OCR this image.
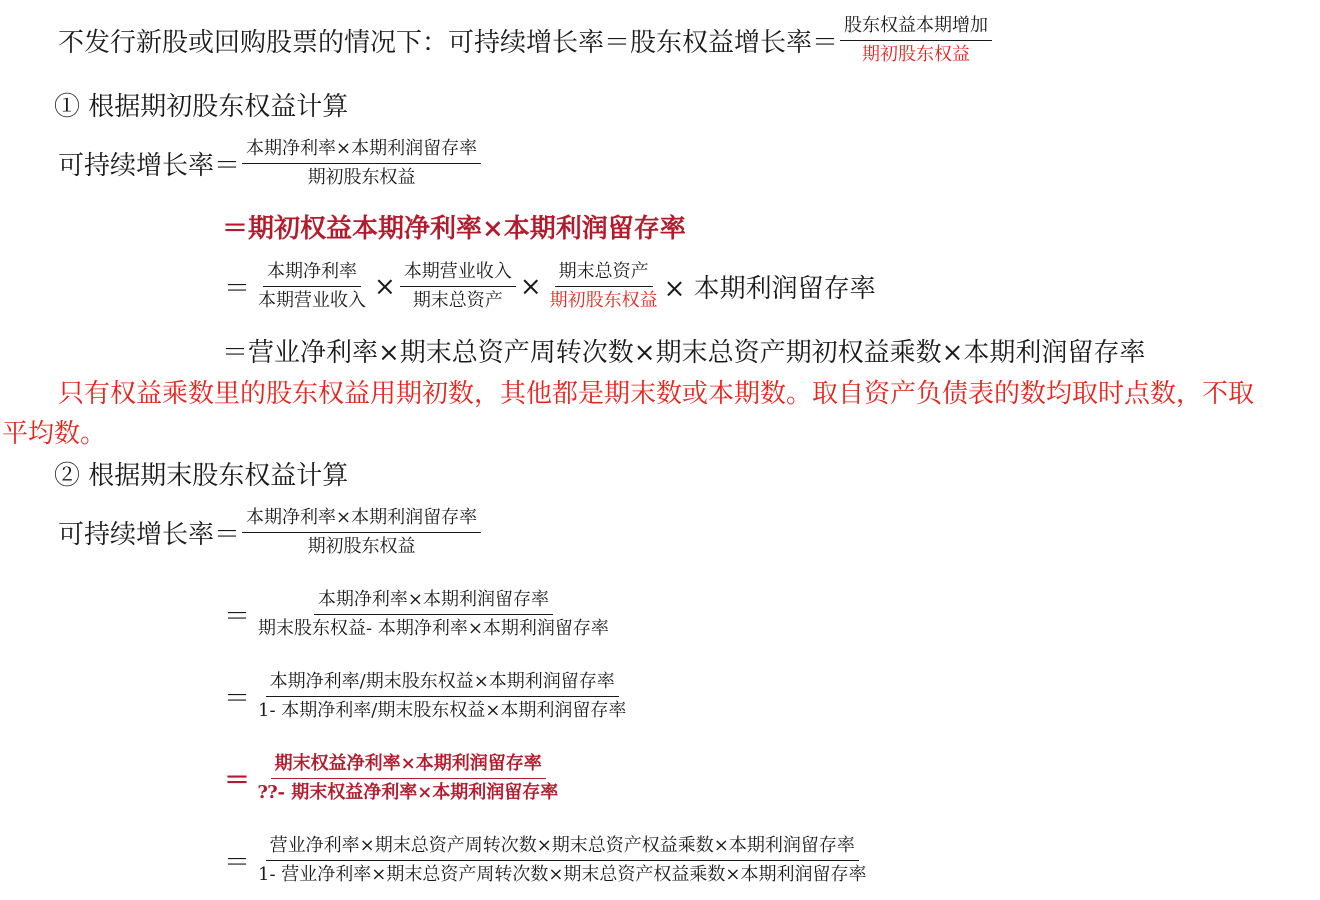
不发行新股或回购股票的情况下：可持续增长率＝股东权益增长率＝ $\frac{\text{股东权益本期增加}}{\text{期初股东权益}}$
① 根据期初股东权益计算
可持续增长率＝ $\frac{\text{本期净利率×本期利润留存率}}{\text{期初股东权益}}$
＝期初权益本期净利率×本期利润留存率
＝ $\frac{\text{本期净利率}}{\text{本期营业收入}} \times \frac{\text{本期营业收入}}{\text{期末总资产}} \times \frac{\text{期末总资产}}{\text{期初股东权益}}$ × 本期利润留存率
＝营业净利率×期末总资产周转次数×期末总资产期初权益乘数×本期利润留存率
只有权益乘数里的股东权益用期初数，其他都是期末数或本期数。取自资产负债表的数均取时点数，不取
平均数。
② 根据期末股东权益计算
可持续增长率＝ $\frac{\text{本期净利率×本期利润留存率}}{\text{期初股东权益}}$
＝ $\frac{\text{本期净利率×本期利润留存率}}{\text{期末股东权益- 本期净利率×本期利润留存率}}$
＝ $\frac{\text{本期净利率/期末股东权益×本期利润留存率}}{\text{1- 本期净利率/期末股东权益×本期利润留存率}}$
＝ $\frac{\text{期末权益净利率×本期利润留存率}}{\text{⁇- 期末权益净利率×本期利润留存率}}$
＝ $\frac{\text{营业净利率×期末总资产周转次数×期末总资产权益乘数×本期利润留存率}}{\text{1- 营业净利率×期末总资产周转次数×期末总资产权益乘数×本期利润留存率}}$
